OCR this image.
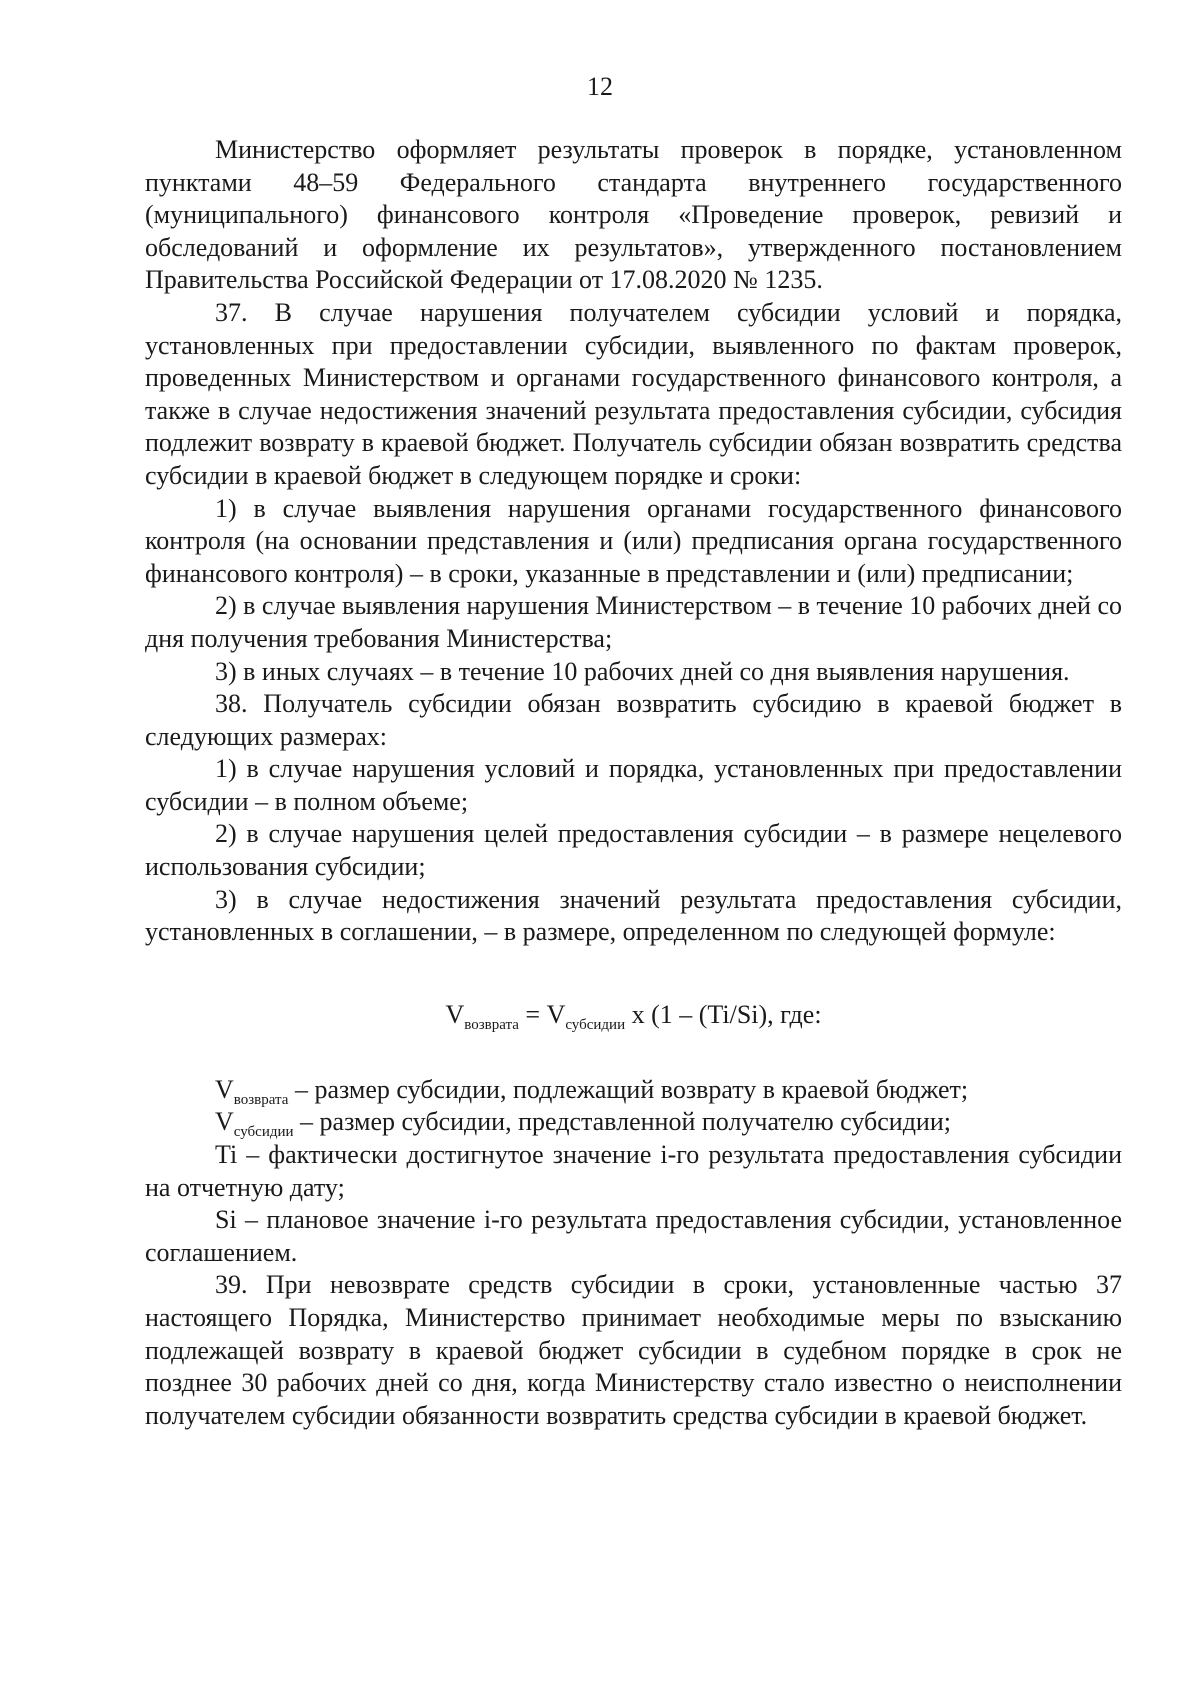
12

Министерство оформляет результаты проверок в порядке, установленном пунктами 48–59 Федерального стандарта внутреннего государственного (муниципального) финансового контроля «Проведение проверок, ревизий и обследований и оформление их результатов», утвержденного постановлением Правительства Российской Федерации от 17.08.2020 № 1235.

37. В случае нарушения получателем субсидии условий и порядка, установленных при предоставлении субсидии, выявленного по фактам проверок, проведенных Министерством и органами государственного финансового контроля, а также в случае недостижения значений результата предоставления субсидии, субсидия подлежит возврату в краевой бюджет. Получатель субсидии обязан возвратить средства субсидии в краевой бюджет в следующем порядке и сроки:

1) в случае выявления нарушения органами государственного финансового контроля (на основании представления и (или) предписания органа государственного финансового контроля) – в сроки, указанные в представлении и (или) предписании;

2) в случае выявления нарушения Министерством – в течение 10 рабочих дней со дня получения требования Министерства;

3) в иных случаях – в течение 10 рабочих дней со дня выявления нарушения.

38. Получатель субсидии обязан возвратить субсидию в краевой бюджет в следующих размерах:

1) в случае нарушения условий и порядка, установленных при предоставлении субсидии – в полном объеме;

2) в случае нарушения целей предоставления субсидии – в размере нецелевого использования субсидии;

3) в случае недостижения значений результата предоставления субсидии, установленных в соглашении, – в размере, определенном по следующей формуле:

$V_{возврата} = V_{субсидии}$ х (1 – (Ti/Si), где:

$V_{возврата}$ – размер субсидии, подлежащий возврату в краевой бюджет;

$V_{субсидии}$ – размер субсидии, представленной получателю субсидии;

Ti – фактически достигнутое значение i-го результата предоставления субсидии на отчетную дату;

Si – плановое значение i-го результата предоставления субсидии, установленное соглашением.

39. При невозврате средств субсидии в сроки, установленные частью 37 настоящего Порядка, Министерство принимает необходимые меры по взысканию подлежащей возврату в краевой бюджет субсидии в судебном порядке в срок не позднее 30 рабочих дней со дня, когда Министерству стало известно о неисполнении получателем субсидии обязанности возвратить средства субсидии в краевой бюджет.
